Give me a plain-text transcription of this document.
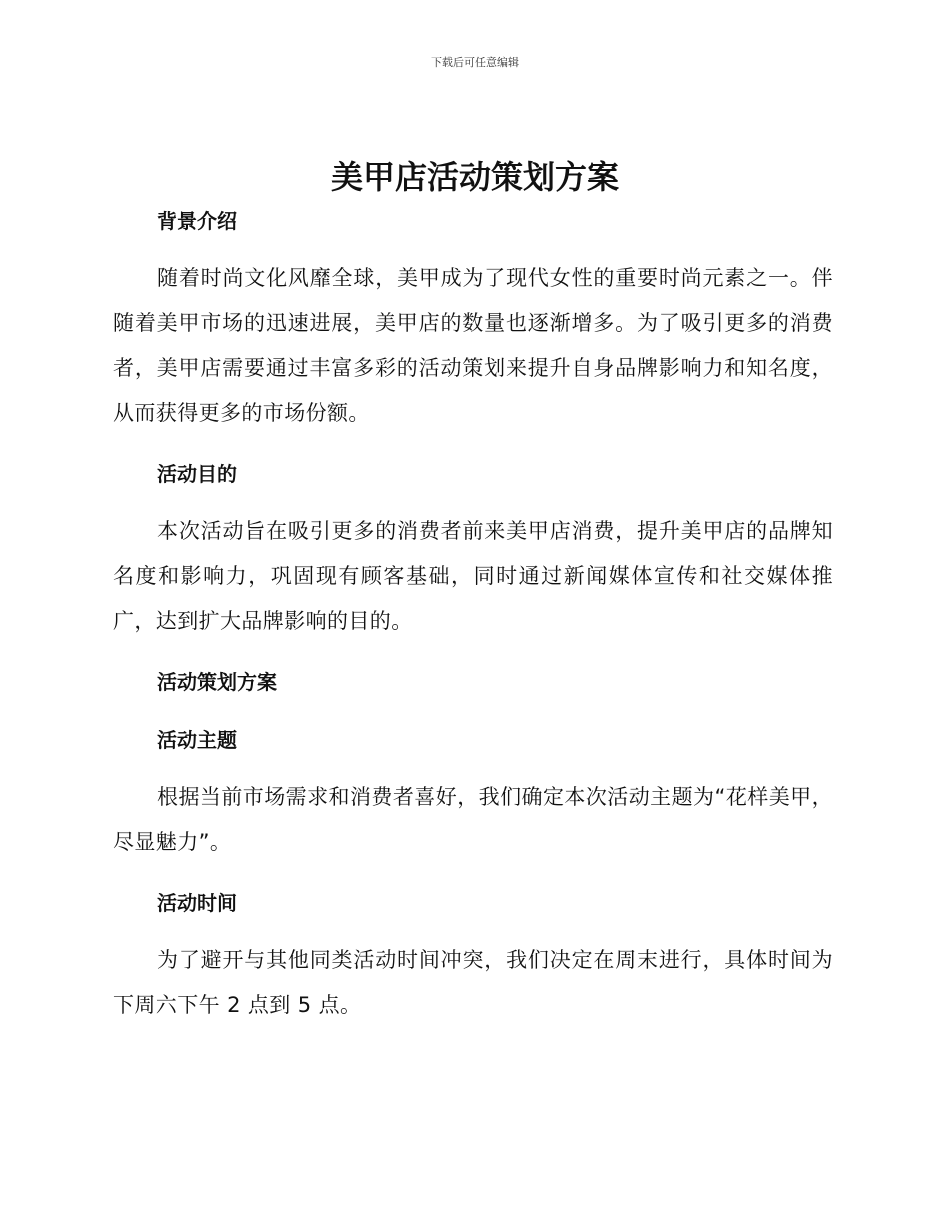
下载后可任意编辑
美甲店活动策划方案
背景介绍

随着时尚文化风靡全球，美甲成为了现代女性的重要时尚元素之一。伴随着美甲市场的迅速进展，美甲店的数量也逐渐增多。为了吸引更多的消费者，美甲店需要通过丰富多彩的活动策划来提升自身品牌影响力和知名度，从而获得更多的市场份额。

活动目的

本次活动旨在吸引更多的消费者前来美甲店消费，提升美甲店的品牌知名度和影响力，巩固现有顾客基础，同时通过新闻媒体宣传和社交媒体推广，达到扩大品牌影响的目的。

活动策划方案
活动主题

根据当前市场需求和消费者喜好，我们确定本次活动主题为“花样美甲，尽显魅力”。

活动时间

为了避开与其他同类活动时间冲突，我们决定在周末进行，具体时间为下周六下午 2 点到 5 点。
